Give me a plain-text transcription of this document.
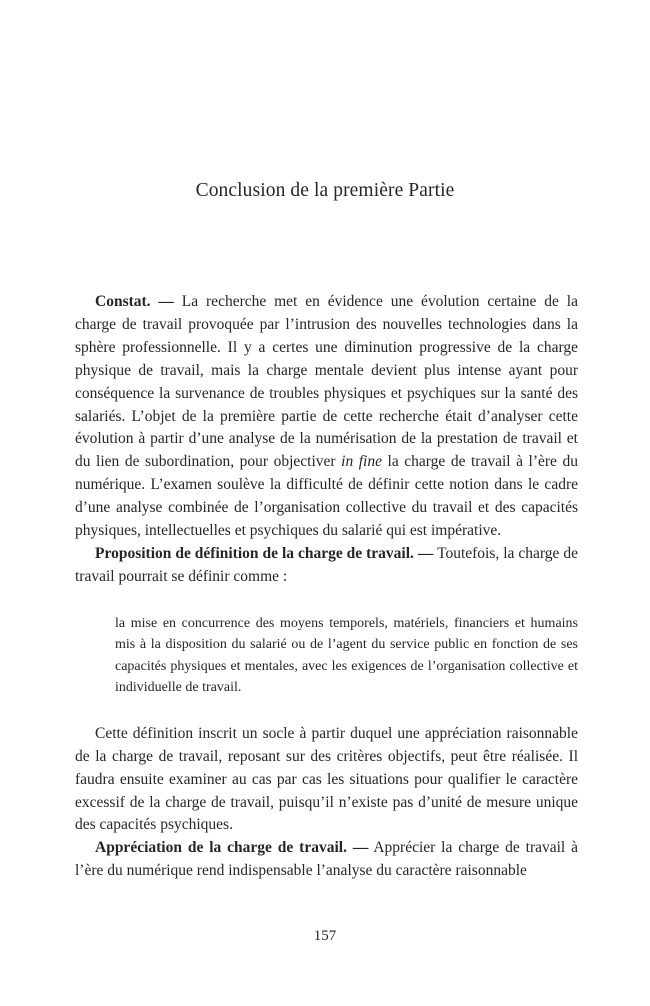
Conclusion de la première Partie

Constat. — La recherche met en évidence une évolution certaine de la charge de travail provoquée par l’intrusion des nouvelles technologies dans la sphère professionnelle. Il y a certes une diminution progressive de la charge physique de travail, mais la charge mentale devient plus intense ayant pour conséquence la survenance de troubles physiques et psychiques sur la santé des salariés. L’objet de la première partie de cette recherche était d’analyser cette évolution à partir d’une analyse de la numérisation de la prestation de travail et du lien de subordination, pour objectiver in fine la charge de travail à l’ère du numérique. L’examen soulève la difficulté de définir cette notion dans le cadre d’une analyse combinée de l’organisation collective du travail et des capacités physiques, intellectuelles et psychiques du salarié qui est impérative.

Proposition de définition de la charge de travail. — Toutefois, la charge de travail pourrait se définir comme :

la mise en concurrence des moyens temporels, matériels, financiers et humains mis à la disposition du salarié ou de l’agent du service public en fonction de ses capacités physiques et mentales, avec les exigences de l’organisation collective et individuelle de travail.

Cette définition inscrit un socle à partir duquel une appréciation raisonnable de la charge de travail, reposant sur des critères objectifs, peut être réalisée. Il faudra ensuite examiner au cas par cas les situations pour qualifier le caractère excessif de la charge de travail, puisqu’il n’existe pas d’unité de mesure unique des capacités psychiques.

Appréciation de la charge de travail. — Apprécier la charge de travail à l’ère du numérique rend indispensable l’analyse du caractère raisonnable

157
